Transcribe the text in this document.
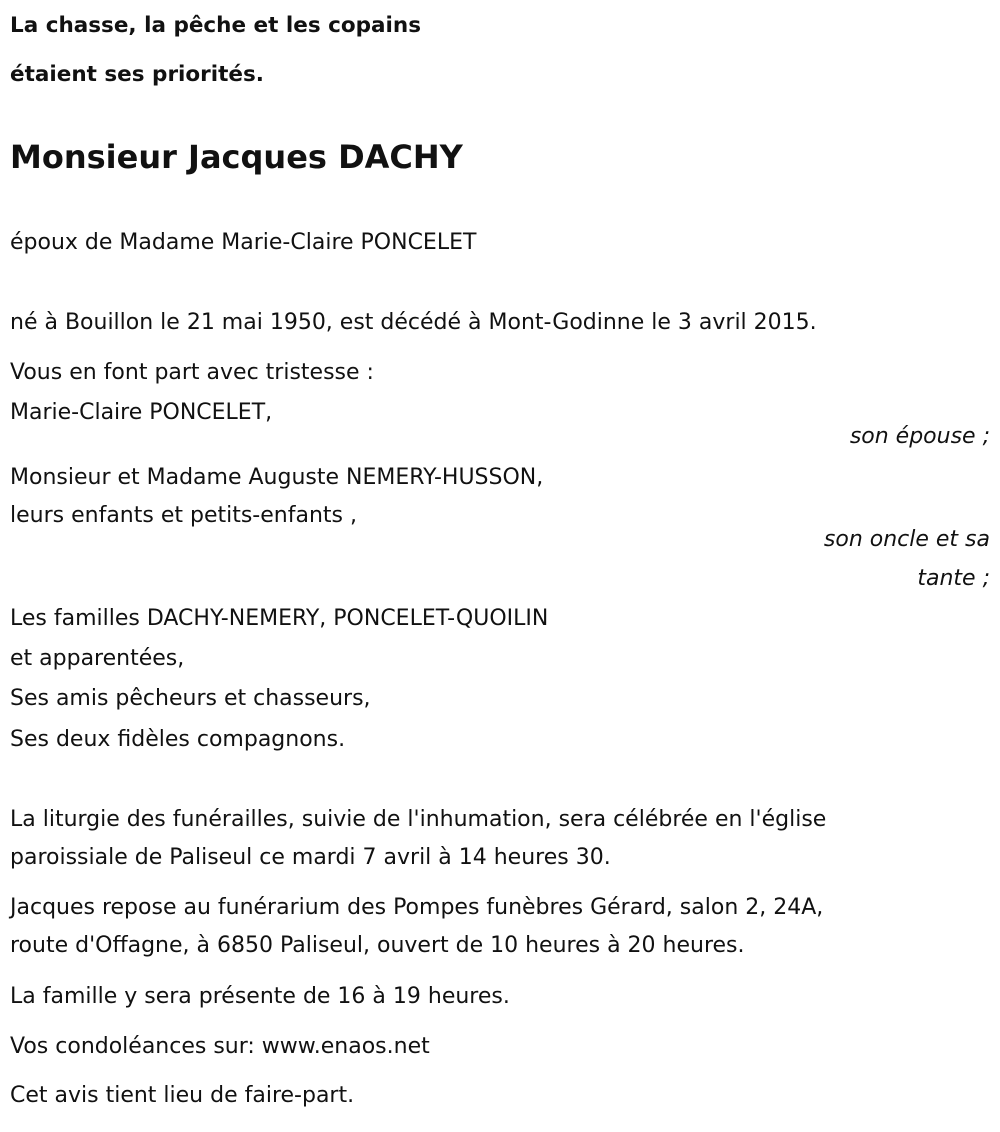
La chasse, la pêche et les copains
étaient ses priorités.
Monsieur Jacques DACHY
époux de Madame Marie-Claire PONCELET
né à Bouillon le 21 mai 1950, est décédé à Mont-Godinne le 3 avril 2015.
Vous en font part avec tristesse :
Marie-Claire PONCELET,
son épouse ;
Monsieur et Madame Auguste NEMERY-HUSSON,
leurs enfants et petits-enfants ,
son oncle et sa
tante ;
Les familles DACHY-NEMERY, PONCELET-QUOILIN
et apparentées,
Ses amis pêcheurs et chasseurs,
Ses deux fidèles compagnons.
La liturgie des funérailles, suivie de l'inhumation, sera célébrée en l'église
paroissiale de Paliseul ce mardi 7 avril à 14 heures 30.
Jacques repose au funérarium des Pompes funèbres Gérard, salon 2, 24A,
route d'Offagne, à 6850 Paliseul, ouvert de 10 heures à 20 heures.
La famille y sera présente de 16 à 19 heures.
Vos condoléances sur: www.enaos.net
Cet avis tient lieu de faire-part.
